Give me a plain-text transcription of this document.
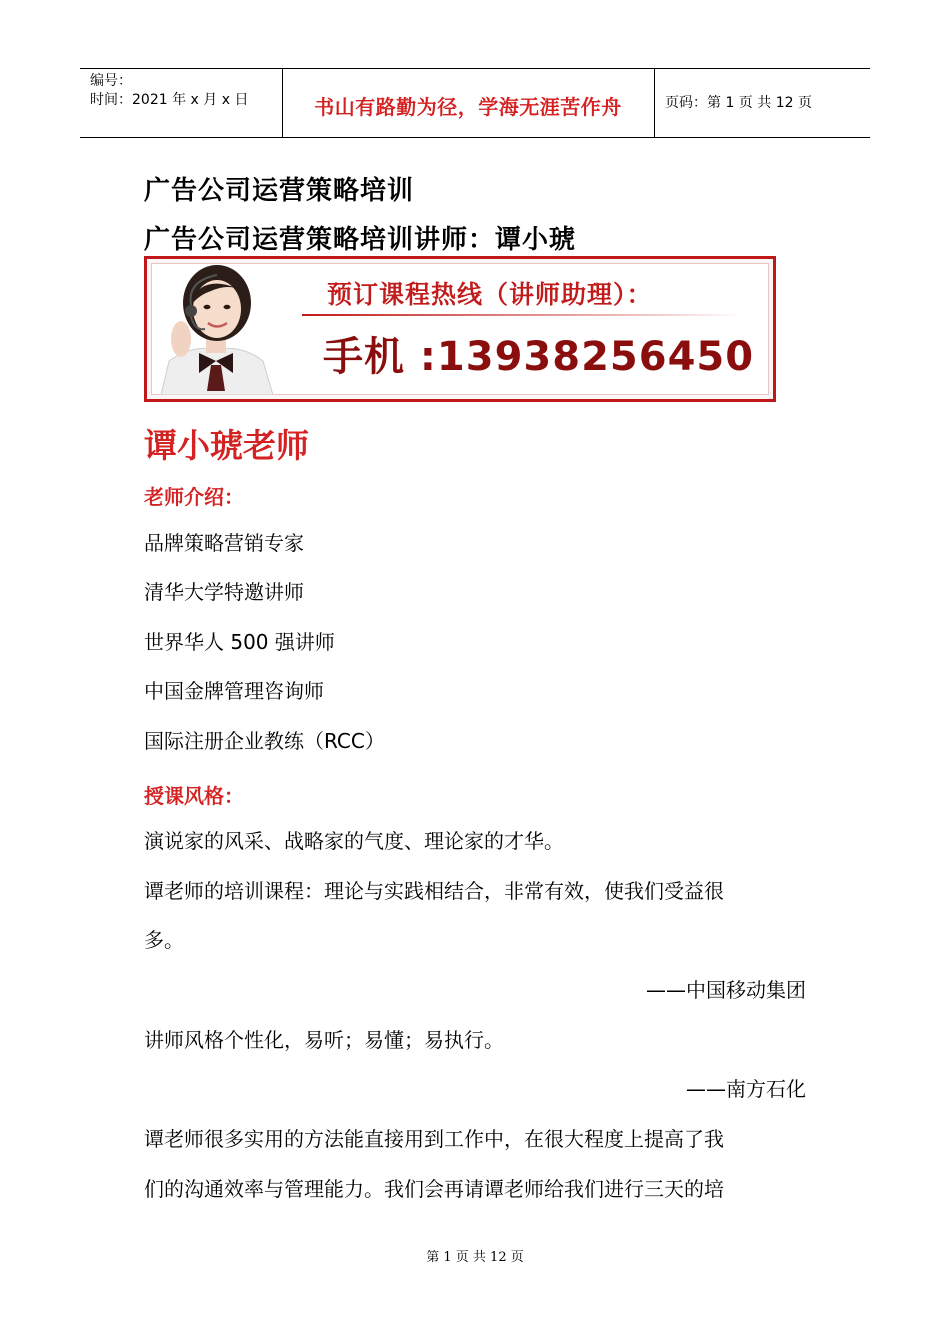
编号：
时间：2021 年 x 月 x 日	书山有路勤为径，学海无涯苦作舟	页码：第 1 页 共 12 页
广告公司运营策略培训
广告公司运营策略培训讲师：谭小琥
预订课程热线（讲师助理）：
手机 :13938256450
谭小琥老师
老师介绍：
品牌策略营销专家
清华大学特邀讲师
世界华人 500 强讲师
中国金牌管理咨询师
国际注册企业教练（RCC）
授课风格：
演说家的风采、战略家的气度、理论家的才华。
谭老师的培训课程：理论与实践相结合，非常有效，使我们受益很
多。
——中国移动集团
讲师风格个性化，易听；易懂；易执行。
——南方石化
谭老师很多实用的方法能直接用到工作中，在很大程度上提高了我
们的沟通效率与管理能力。我们会再请谭老师给我们进行三天的培
第 1 页 共 12 页
